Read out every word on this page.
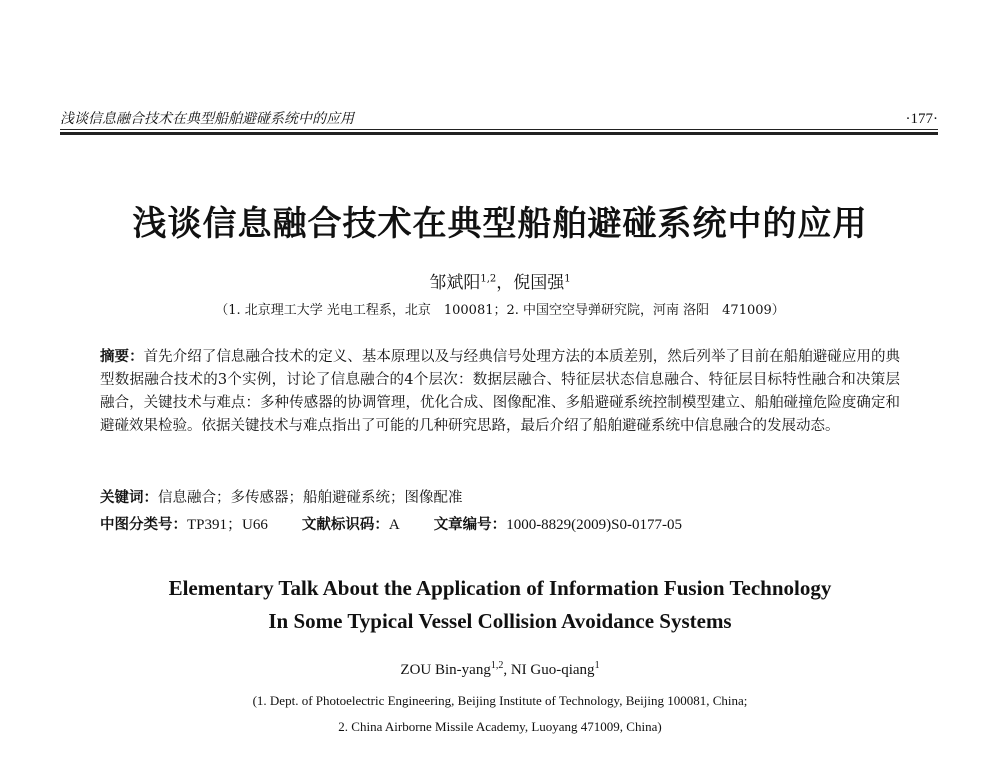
浅谈信息融合技术在典型船舶避碰系统中的应用	·177·
浅谈信息融合技术在典型船舶避碰系统中的应用
邹斌阳$^{1,2}$，倪国强$^1$
（1. 北京理工大学 光电工程系，北京　100081；2. 中国空空导弹研究院，河南 洛阳　471009）
摘要：首先介绍了信息融合技术的定义、基本原理以及与经典信号处理方法的本质差别，然后列举了目前在船舶避碰应用的典型数据融合技术的3个实例，讨论了信息融合的4个层次：数据层融合、特征层状态信息融合、特征层目标特性融合和决策层融合，关键技术与难点：多种传感器的协调管理，优化合成、图像配准、多船避碰系统控制模型建立、船舶碰撞危险度确定和避碰效果检验。依据关键技术与难点指出了可能的几种研究思路，最后介绍了船舶避碰系统中信息融合的发展动态。
关键词：信息融合；多传感器；船舶避碰系统；图像配准
中图分类号：TP391；U66 文献标识码：A 文章编号：1000-8829(2009)S0-0177-05
Elementary Talk About the Application of Information Fusion Technology
In Some Typical Vessel Collision Avoidance Systems
ZOU Bin-yang$^{1,2}$, NI Guo-qiang$^1$
(1. Dept. of Photoelectric Engineering, Beijing Institute of Technology, Beijing 100081, China;
2. China Airborne Missile Academy, Luoyang 471009, China)
